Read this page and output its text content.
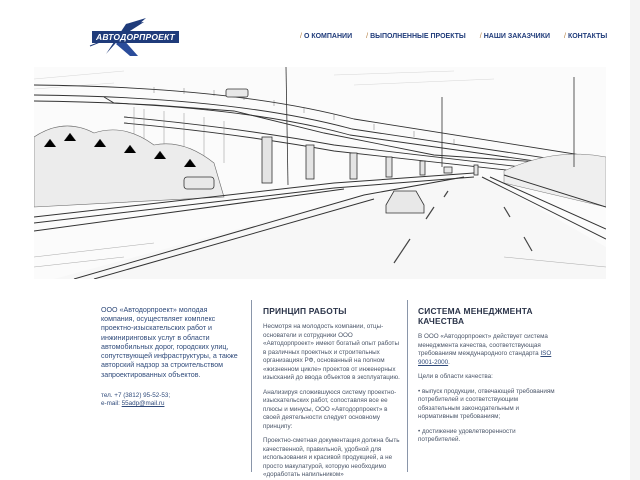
АВТОДОРПРОЕКТ	/ О КОМПАНИИ / ВЫПОЛНЕННЫЕ ПРОЕКТЫ / НАШИ ЗАКАЗЧИКИ / КОНТАКТЫ

ООО «Автодорпроект» молодая компания, осуществляет комплекс проектно-изыскательских работ и инжиниринговых услуг в области автомобильных дорог, городских улиц, сопутствующей инфраструктуры, а также авторский надзор за строительством запроектированных объектов.

тел. +7 (3812) 95-52-53;
e-mail: 55adp@mail.ru
ПРИНЦИП РАБОТЫ

Несмотря на молодость компании, отцы-основатели и сотрудники ООО «Автодорпроект» имеют богатый опыт работы в различных проектных и строительных организациях РФ, основанный на полном «жизненном цикле» проектов от инженерных изысканий до ввода объектов в эксплуатацию.

Анализируя сложившуюся систему проектно-изыскательских работ, сопоставляя все ее плюсы и минусы, ООО «Автодорпроект» в своей деятельности следует основному принципу:

Проектно-сметная документация должна быть качественной, правильной, удобной для использования и красивой продукцией, а не просто макулатурой, которую необходимо «доработать напильником»

СИСТЕМА МЕНЕДЖМЕНТА КАЧЕСТВА

В ООО «Автодорпроект» действует система менеджмента качества, соответствующая требованиям международного стандарта ISO 9001-2000.

Цели в области качества:

• выпуск продукции, отвечающей требованиям потребителей и соответствующим обязательным законодательным и нормативным требованиям;

• достижение удовлетворенности потребителей.
